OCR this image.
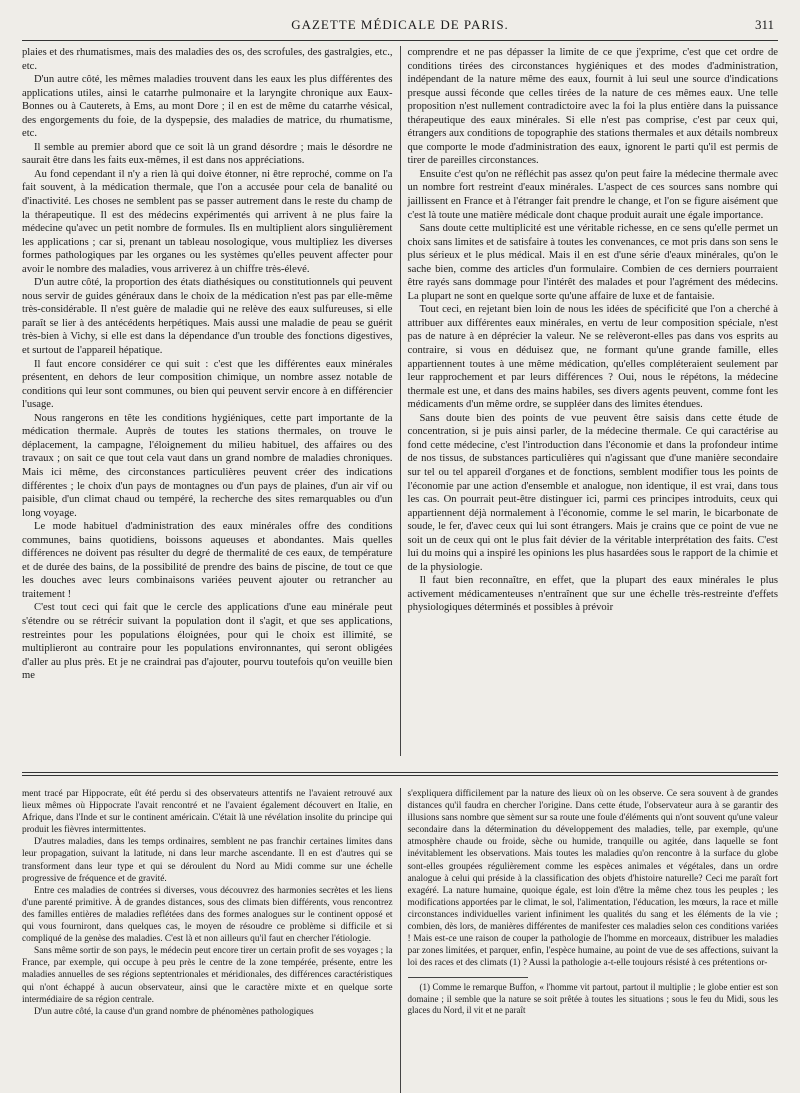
GAZETTE MÉDICALE DE PARIS.	311

plaies et des rhumatismes, mais des maladies des os, des scrofules, des gastralgies, etc., etc.

D'un autre côté, les mêmes maladies trouvent dans les eaux les plus différentes des applications utiles, ainsi le catarrhe pulmonaire et la laryngite chronique aux Eaux-Bonnes ou à Cauterets, à Ems, au mont Dore ; il en est de même du catarrhe vésical, des engorgements du foie, de la dyspepsie, des maladies de matrice, du rhumatisme, etc.

Il semble au premier abord que ce soit là un grand désordre ; mais le désordre ne saurait être dans les faits eux-mêmes, il est dans nos appréciations.

Au fond cependant il n'y a rien là qui doive étonner, ni être reproché, comme on l'a fait souvent, à la médication thermale, que l'on a accusée pour cela de banalité ou d'inactivité. Les choses ne semblent pas se passer autrement dans le reste du champ de la thérapeutique. Il est des médecins expérimentés qui arrivent à ne plus faire la médecine qu'avec un petit nombre de formules. Ils en multiplient alors singulièrement les applications ; car si, prenant un tableau nosologique, vous multipliez les diverses formes pathologiques par les organes ou les systèmes qu'elles peuvent affecter pour avoir le nombre des maladies, vous arriverez à un chiffre très-élevé.

D'un autre côté, la proportion des états diathésiques ou constitutionnels qui peuvent nous servir de guides généraux dans le choix de la médication n'est pas par elle-même très-considérable. Il n'est guère de maladie qui ne relève des eaux sulfureuses, si elle paraît se lier à des antécédents herpétiques. Mais aussi une maladie de peau se guérit très-bien à Vichy, si elle est dans la dépendance d'un trouble des fonctions digestives, et surtout de l'appareil hépatique.

Il faut encore considérer ce qui suit : c'est que les différentes eaux minérales présentent, en dehors de leur composition chimique, un nombre assez notable de conditions qui leur sont communes, ou bien qui peuvent servir encore à en différencier l'usage.

Nous rangerons en tête les conditions hygiéniques, cette part importante de la médication thermale. Auprès de toutes les stations thermales, on trouve le déplacement, la campagne, l'éloignement du milieu habituel, des affaires ou des travaux ; on sait ce que tout cela vaut dans un grand nombre de maladies chroniques. Mais ici même, des circonstances particulières peuvent créer des indications différentes ; le choix d'un pays de montagnes ou d'un pays de plaines, d'un air vif ou paisible, d'un climat chaud ou tempéré, la recherche des sites remarquables ou d'un long voyage.

Le mode habituel d'administration des eaux minérales offre des conditions communes, bains quotidiens, boissons aqueuses et abondantes. Mais quelles différences ne doivent pas résulter du degré de thermalité de ces eaux, de température et de durée des bains, de la possibilité de prendre des bains de piscine, de tout ce que les douches avec leurs combinaisons variées peuvent ajouter ou retrancher au traitement !

C'est tout ceci qui fait que le cercle des applications d'une eau minérale peut s'étendre ou se rétrécir suivant la population dont il s'agit, et que ses applications, restreintes pour les populations éloignées, pour qui le choix est illimité, se multiplieront au contraire pour les populations environnantes, qui seront obligées d'aller au plus près. Et je ne craindrai pas d'ajouter, pourvu toutefois qu'on veuille bien me

comprendre et ne pas dépasser la limite de ce que j'exprime, c'est que cet ordre de conditions tirées des circonstances hygiéniques et des modes d'administration, indépendant de la nature même des eaux, fournit à lui seul une source d'indications presque aussi féconde que celles tirées de la nature de ces mêmes eaux. Une telle proposition n'est nullement contradictoire avec la foi la plus entière dans la puissance thérapeutique des eaux minérales. Si elle n'est pas comprise, c'est par ceux qui, étrangers aux conditions de topographie des stations thermales et aux détails nombreux que comporte le mode d'administration des eaux, ignorent le parti qu'il est permis de tirer de pareilles circonstances.

Ensuite c'est qu'on ne réfléchit pas assez qu'on peut faire la médecine thermale avec un nombre fort restreint d'eaux minérales. L'aspect de ces sources sans nombre qui jaillissent en France et à l'étranger fait prendre le change, et l'on se figure aisément que c'est là toute une matière médicale dont chaque produit aurait une égale importance.

Sans doute cette multiplicité est une véritable richesse, en ce sens qu'elle permet un choix sans limites et de satisfaire à toutes les convenances, ce mot pris dans son sens le plus sérieux et le plus médical. Mais il en est d'une série d'eaux minérales, qu'on le sache bien, comme des articles d'un formulaire. Combien de ces derniers pourraient être rayés sans dommage pour l'intérêt des malades et pour l'agrément des médecins. La plupart ne sont en quelque sorte qu'une affaire de luxe et de fantaisie.

Tout ceci, en rejetant bien loin de nous les idées de spécificité que l'on a cherché à attribuer aux différentes eaux minérales, en vertu de leur composition spéciale, n'est pas de nature à en déprécier la valeur. Ne se relèveront-elles pas dans vos esprits au contraire, si vous en déduisez que, ne formant qu'une grande famille, elles appartiennent toutes à une même médication, qu'elles compléteraient seulement par leur rapprochement et par leurs différences ? Oui, nous le répétons, la médecine thermale est une, et dans des mains habiles, ses divers agents peuvent, comme font les médicaments d'un même ordre, se suppléer dans des limites étendues.

Sans doute bien des points de vue peuvent être saisis dans cette étude de concentration, si je puis ainsi parler, de la médecine thermale. Ce qui caractérise au fond cette médecine, c'est l'introduction dans l'économie et dans la profondeur intime de nos tissus, de substances particulières qui n'agissant que d'une manière secondaire sur tel ou tel appareil d'organes et de fonctions, semblent modifier tous les points de l'économie par une action d'ensemble et analogue, non identique, il est vrai, dans tous les cas. On pourrait peut-être distinguer ici, parmi ces principes introduits, ceux qui appartiennent déjà normalement à l'économie, comme le sel marin, le bicarbonate de soude, le fer, d'avec ceux qui lui sont étrangers. Mais je crains que ce point de vue ne soit un de ceux qui ont le plus fait dévier de la véritable interprétation des faits. C'est lui du moins qui a inspiré les opinions les plus hasardées sous le rapport de la chimie et de la physiologie.

Il faut bien reconnaître, en effet, que la plupart des eaux minérales le plus activement médicamenteuses n'entraînent que sur une échelle très-restreinte d'effets physiologiques déterminés et possibles à prévoir

ment tracé par Hippocrate, eût été perdu si des observateurs attentifs ne l'avaient retrouvé aux lieux mêmes où Hippocrate l'avait rencontré et ne l'avaient également découvert en Italie, en Afrique, dans l'Inde et sur le continent américain. C'était là une révélation insolite du principe qui produit les fièvres intermittentes.

D'autres maladies, dans les temps ordinaires, semblent ne pas franchir certaines limites dans leur propagation, suivant la latitude, ni dans leur marche ascendante. Il en est d'autres qui se transforment dans leur type et qui se déroulent du Nord au Midi comme sur une échelle progressive de fréquence et de gravité.

Entre ces maladies de contrées si diverses, vous découvrez des harmonies secrètes et les liens d'une parenté primitive. À de grandes distances, sous des climats bien différents, vous rencontrez des familles entières de maladies reflétées dans des formes analogues sur le continent opposé et qui vous fourniront, dans quelques cas, le moyen de résoudre ce problème si difficile et si compliqué de la genèse des maladies. C'est là et non ailleurs qu'il faut en chercher l'étiologie.

Sans même sortir de son pays, le médecin peut encore tirer un certain profit de ses voyages ; la France, par exemple, qui occupe à peu près le centre de la zone tempérée, présente, entre les maladies annuelles de ses régions septentrionales et méridionales, des différences caractéristiques qui n'ont échappé à aucun observateur, ainsi que le caractère mixte et en quelque sorte intermédiaire de sa région centrale.

D'un autre côté, la cause d'un grand nombre de phénomènes pathologiques

s'expliquera difficilement par la nature des lieux où on les observe. Ce sera souvent à de grandes distances qu'il faudra en chercher l'origine. Dans cette étude, l'observateur aura à se garantir des illusions sans nombre que sèment sur sa route une foule d'éléments qui n'ont souvent qu'une valeur secondaire dans la détermination du développement des maladies, telle, par exemple, qu'une atmosphère chaude ou froide, sèche ou humide, tranquille ou agitée, dans laquelle se font inévitablement les observations. Mais toutes les maladies qu'on rencontre à la surface du globe sont-elles groupées régulièrement comme les espèces animales et végétales, dans un ordre analogue à celui qui préside à la classification des objets d'histoire naturelle? Ceci me paraît fort exagéré. La nature humaine, quoique égale, est loin d'être la même chez tous les peuples ; les modifications apportées par le climat, le sol, l'alimentation, l'éducation, les mœurs, la race et mille circonstances individuelles varient infiniment les qualités du sang et les éléments de la vie ; combien, dès lors, de manières différentes de manifester ces maladies selon ces conditions variées ! Mais est-ce une raison de couper la pathologie de l'homme en morceaux, distribuer les maladies par zones limitées, et parquer, enfin, l'espèce humaine, au point de vue de ses affections, suivant la loi des races et des climats (1) ? Aussi la pathologie a-t-elle toujours résisté à ces prétentions or-

(1) Comme le remarque Buffon, « l'homme vit partout, partout il multiplie ; le globe entier est son domaine ; il semble que la nature se soit prêtée à toutes les situations ; sous le feu du Midi, sous les glaces du Nord, il vit et ne paraît
